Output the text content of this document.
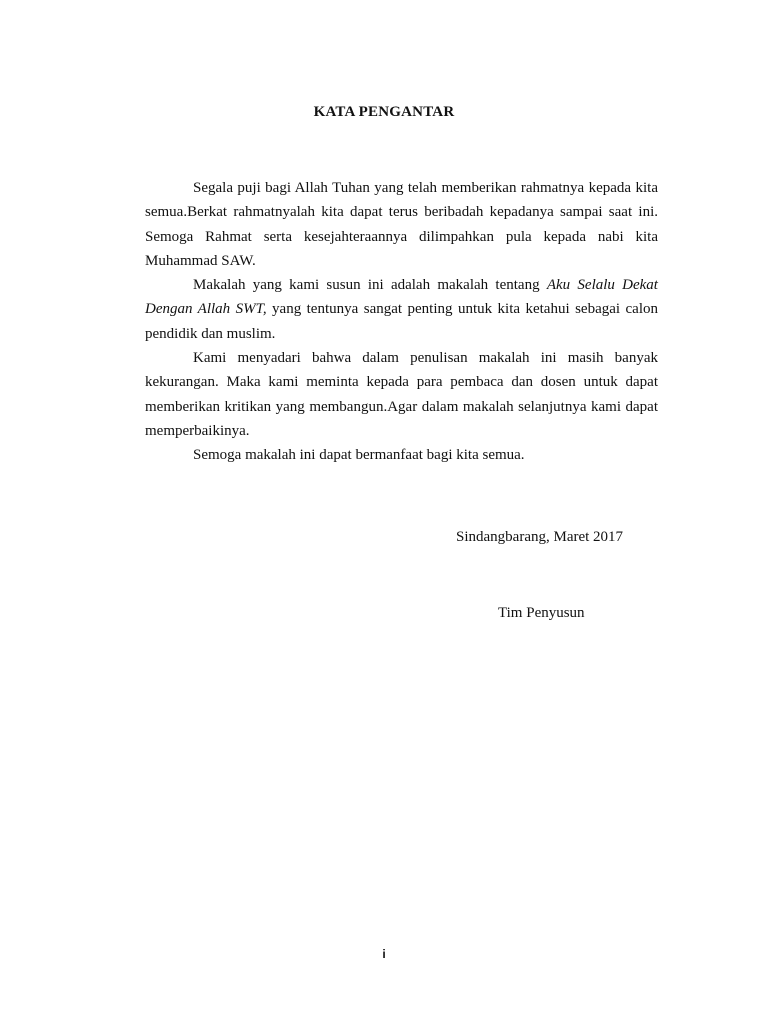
KATA PENGANTAR

Segala puji bagi Allah Tuhan yang telah memberikan rahmatnya kepada kita semua.Berkat rahmatnyalah kita dapat terus beribadah kepadanya sampai saat ini. Semoga Rahmat serta kesejahteraannya dilimpahkan pula kepada nabi kita Muhammad SAW.

Makalah yang kami susun ini adalah makalah tentang Aku Selalu Dekat Dengan Allah SWT, yang tentunya sangat penting untuk kita ketahui sebagai calon pendidik dan muslim.

Kami menyadari bahwa dalam penulisan makalah ini masih banyak kekurangan. Maka kami meminta kepada para pembaca dan dosen untuk dapat memberikan kritikan yang membangun.Agar dalam makalah selanjutnya kami dapat memperbaikinya.

Semoga makalah ini dapat bermanfaat bagi kita semua.

Sindangbarang, Maret 2017
Tim Penyusun
i
